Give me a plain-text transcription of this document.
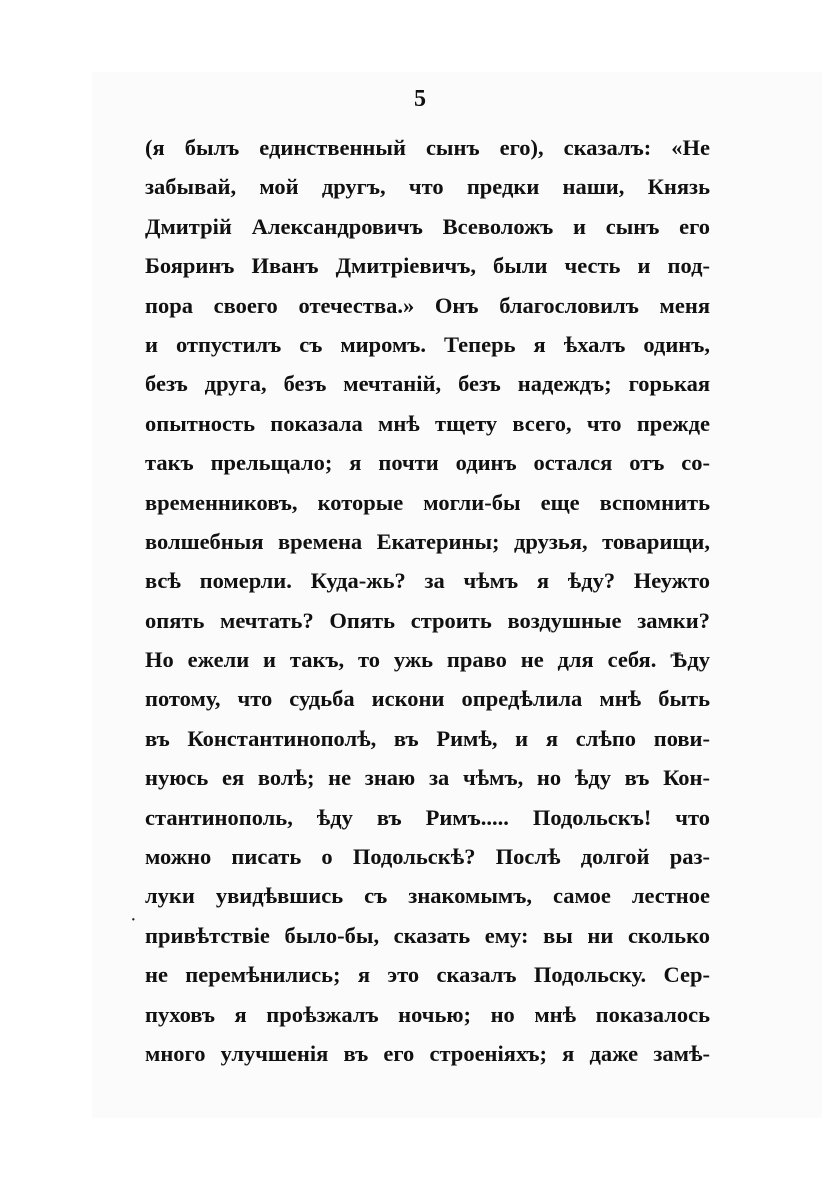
5
·
(я былъ единственный сынъ его), сказалъ: «Не
забывай, мой другъ, что предки наши, Князь
Дмитрій Александровичъ Всеволожъ и сынъ его
Бояринъ Иванъ Дмитріевичъ, были честь и под-
пора своего отечества.» Онъ благословилъ меня
и отпустилъ съ миромъ. Теперь я ѣхалъ одинъ,
безъ друга, безъ мечтаній, безъ надеждъ; горькая
опытность показала мнѣ тщету всего, что прежде
такъ прельщало; я почти одинъ остался отъ со-
временниковъ, которые могли-бы еще вспомнить
волшебныя времена Екатерины; друзья, товарищи,
всѣ померли. Куда-жь? за чѣмъ я ѣду? Неужто
опять мечтать? Опять строить воздушные замки?
Но ежели и такъ, то ужь право не для себя. Ѣду
потому, что судьба искони опредѣлила мнѣ быть
въ Константинополѣ, въ Римѣ, и я слѣпо пови-
нуюсь ея волѣ; не знаю за чѣмъ, но ѣду въ Кон-
стантинополь, ѣду въ Римъ..... Подольскъ! что
можно писать о Подольскѣ? Послѣ долгой раз-
луки увидѣвшись съ знакомымъ, самое лестное
привѣтствіе было-бы, сказать ему: вы ни сколько
не перемѣнились; я это сказалъ Подольску. Сер-
пуховъ я проѣзжалъ ночью; но мнѣ показалось
много улучшенія въ его строеніяхъ; я даже замѣ-
